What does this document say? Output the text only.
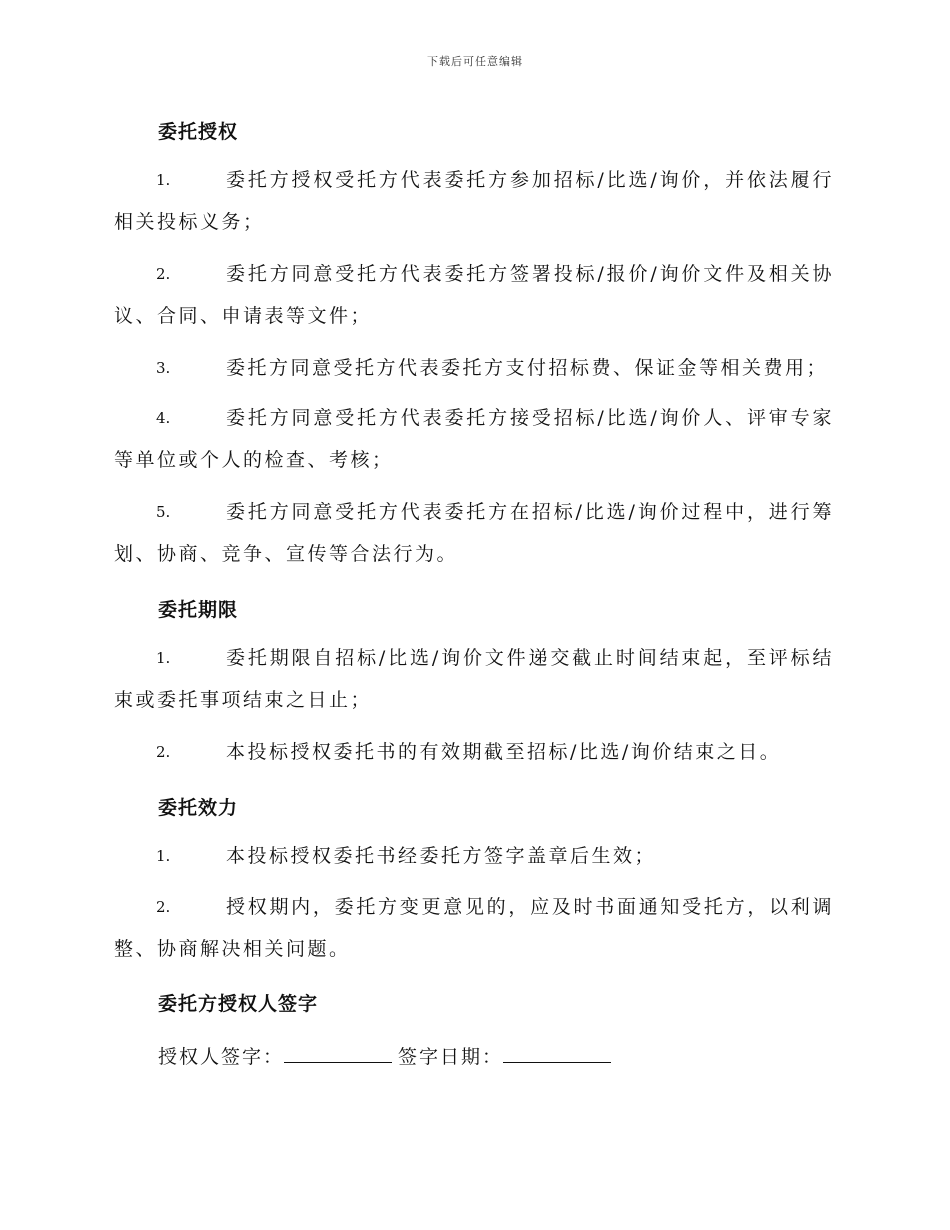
下载后可任意编辑
委托授权
1.	委托方授权受托方代表委托方参加招标/比选/询价，并依法履行相关投标义务；
2.	委托方同意受托方代表委托方签署投标/报价/询价文件及相关协议、合同、申请表等文件；
3.	委托方同意受托方代表委托方支付招标费、保证金等相关费用；
4.	委托方同意受托方代表委托方接受招标/比选/询价人、评审专家等单位或个人的检查、考核；
5.	委托方同意受托方代表委托方在招标/比选/询价过程中，进行筹划、协商、竞争、宣传等合法行为。
委托期限
1.	委托期限自招标/比选/询价文件递交截止时间结束起，至评标结束或委托事项结束之日止；
2.	本投标授权委托书的有效期截至招标/比选/询价结束之日。
委托效力
1.	本投标授权委托书经委托方签字盖章后生效；
2.	授权期内，委托方变更意见的，应及时书面通知受托方，以利调整、协商解决相关问题。
委托方授权人签字
授权人签字：	签字日期：
